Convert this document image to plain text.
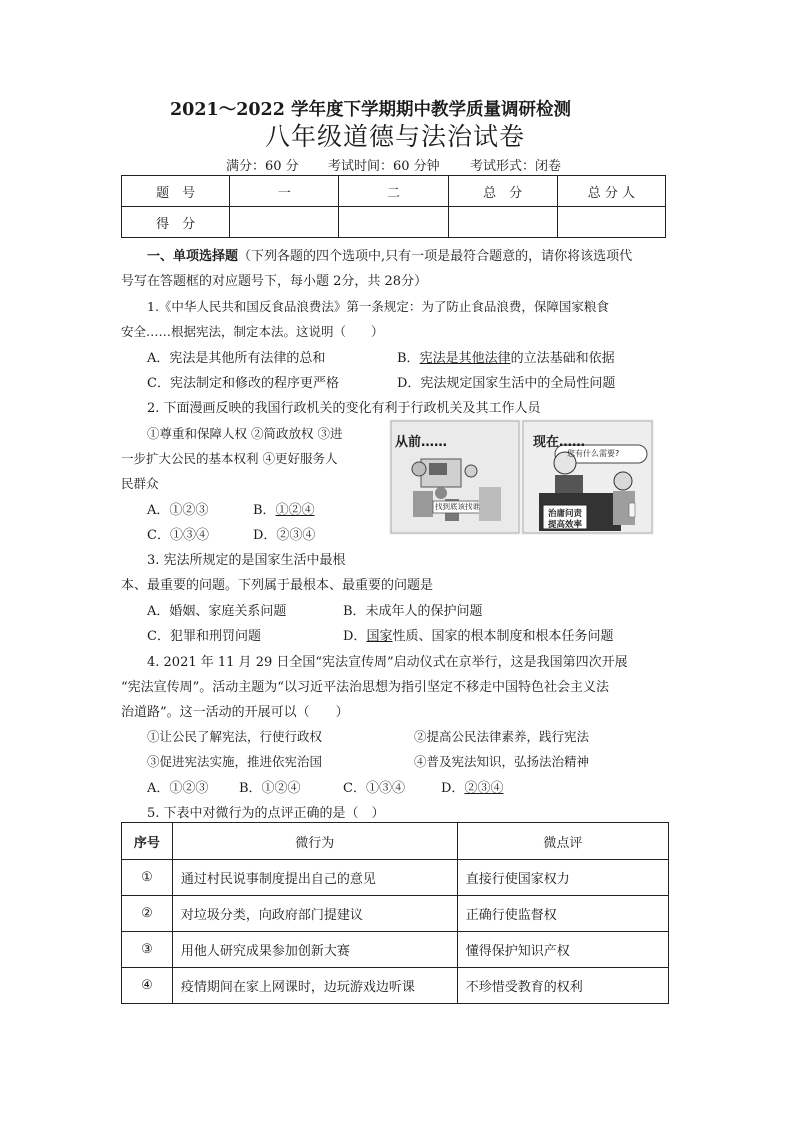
2021～2022 学年度下学期期中教学质量调研检测
八年级道德与法治试卷
满分：60 分 考试时间：60 分钟 考试形式：闭卷
题　号	一	二	总　分	总 分 人
得　分				
一、单项选择题（下列各题的四个选项中,只有一项是最符合题意的，请你将该选项代
号写在答题框的对应题号下，每小题 2分，共 28分）
1.《中华人民共和国反食品浪费法》第一条规定：为了防止食品浪费，保障国家粮食
安全……根据宪法，制定本法。这说明（　　）
A．宪法是其他所有法律的总和	B．宪法是其他法律的立法基础和依据
C．宪法制定和修改的程序更严格	D．宪法规定国家生活中的全局性问题
2. 下面漫画反映的我国行政机关的变化有利于行政机关及其工作人员
①尊重和保障人权 ②简政放权 ③进
一步扩大公民的基本权利 ④更好服务人
民群众
A．①②③	B．①②④
C．①③④	D．②③④
从前……	现在……
找到底该找谁
您有什么需要?
治庸问责
提高效率
3. 宪法所规定的是国家生活中最根
本、最重要的问题。下列属于最根本、最重要的问题是
A．婚姻、家庭关系问题	B．未成年人的保护问题
C．犯罪和刑罚问题	D．国家性质、国家的根本制度和根本任务问题
4. 2021 年 11 月 29 日全国“宪法宣传周”启动仪式在京举行，这是我国第四次开展
“宪法宣传周”。活动主题为“以习近平法治思想为指引坚定不移走中国特色社会主义法
治道路”。这一活动的开展可以（　　）
①让公民了解宪法，行使行政权	②提高公民法律素养，践行宪法
③促进宪法实施，推进依宪治国	④普及宪法知识，弘扬法治精神
A．①②③ B．①②④	C．①③④	D．②③④
5. 下表中对微行为的点评正确的是（　）
序号	微行为	微点评
①	通过村民说事制度提出自己的意见	直接行使国家权力
②	对垃圾分类，向政府部门提建议	正确行使监督权
③	用他人研究成果参加创新大赛	懂得保护知识产权
④	疫情期间在家上网课时，边玩游戏边听课	不珍惜受教育的权利
